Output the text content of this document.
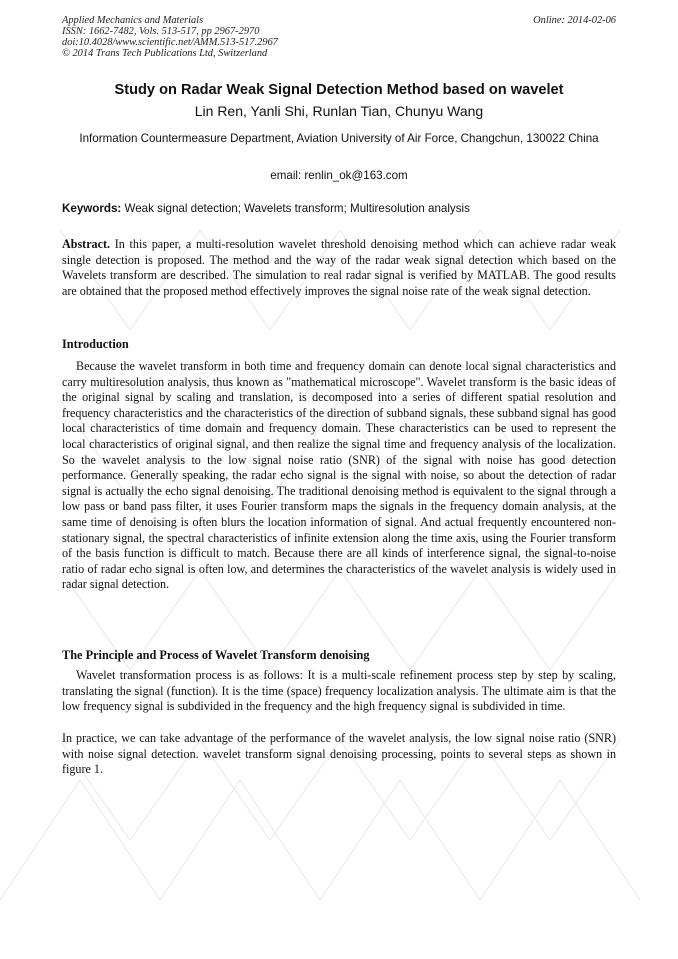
Applied Mechanics and Materials
ISSN: 1662-7482, Vols. 513-517, pp 2967-2970
doi:10.4028/www.scientific.net/AMM.513-517.2967
© 2014 Trans Tech Publications Ltd, Switzerland
Online: 2014-02-06
Study on Radar Weak Signal Detection Method based on wavelet
Lin Ren, Yanli Shi, Runlan Tian, Chunyu Wang
Information Countermeasure Department, Aviation University of Air Force, Changchun, 130022 China
email: renlin_ok@163.com
Keywords: Weak signal detection; Wavelets transform; Multiresolution analysis

Abstract. In this paper, a multi-resolution wavelet threshold denoising method which can achieve radar weak single detection is proposed. The method and the way of the radar weak signal detection which based on the Wavelets transform are described. The simulation to real radar signal is verified by MATLAB. The good results are obtained that the proposed method effectively improves the signal noise rate of the weak signal detection.

Introduction

Because the wavelet transform in both time and frequency domain can denote local signal characteristics and carry multiresolution analysis, thus known as "mathematical microscope". Wavelet transform is the basic ideas of the original signal by scaling and translation, is decomposed into a series of different spatial resolution and frequency characteristics and the characteristics of the direction of subband signals, these subband signal has good local characteristics of time domain and frequency domain. These characteristics can be used to represent the local characteristics of original signal, and then realize the signal time and frequency analysis of the localization. So the wavelet analysis to the low signal noise ratio (SNR) of the signal with noise has good detection performance. Generally speaking, the radar echo signal is the signal with noise, so about the detection of radar signal is actually the echo signal denoising. The traditional denoising method is equivalent to the signal through a low pass or band pass filter, it uses Fourier transform maps the signals in the frequency domain analysis, at the same time of denoising is often blurs the location information of signal. And actual frequently encountered non-stationary signal, the spectral characteristics of infinite extension along the time axis, using the Fourier transform of the basis function is difficult to match. Because there are all kinds of interference signal, the signal-to-noise ratio of radar echo signal is often low, and determines the characteristics of the wavelet analysis is widely used in radar signal detection.

The Principle and Process of Wavelet Transform denoising

Wavelet transformation process is as follows: It is a multi-scale refinement process step by step by scaling, translating the signal (function). It is the time (space) frequency localization analysis. The ultimate aim is that the low frequency signal is subdivided in the frequency and the high frequency signal is subdivided in time.

In practice, we can take advantage of the performance of the wavelet analysis, the low signal noise ratio (SNR) with noise signal detection. wavelet transform signal denoising processing, points to several steps as shown in figure 1.
